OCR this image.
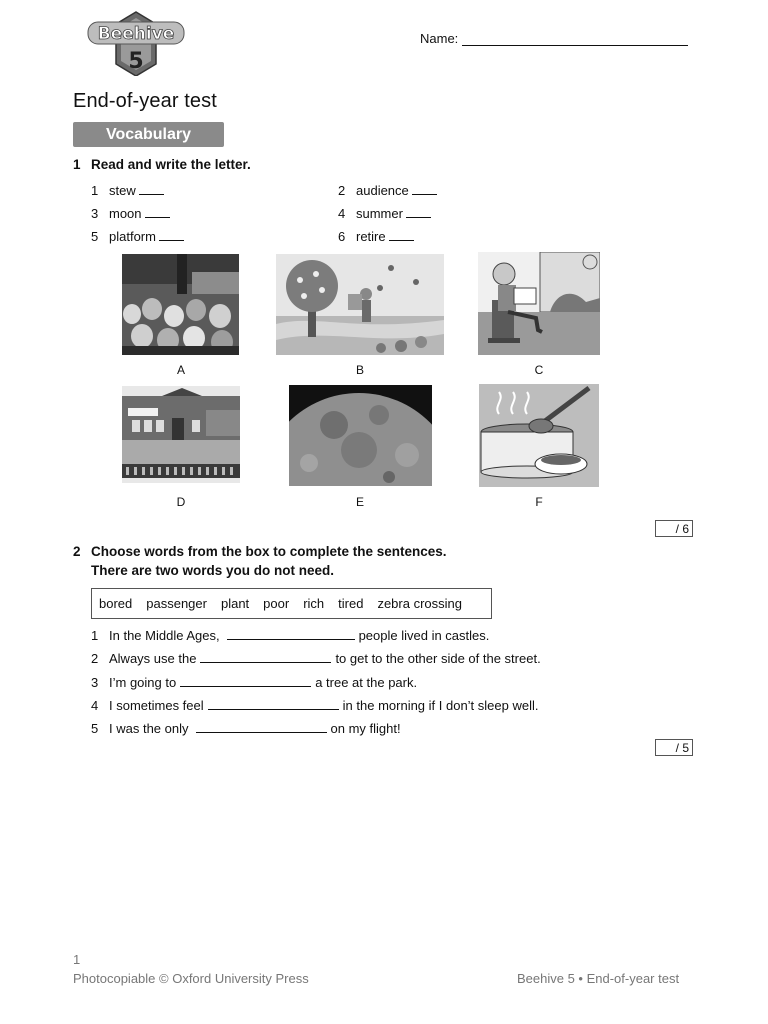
Beehive
5
Name:
End-of-year test
Vocabulary
1 Read and write the letter.
1 stew	2 audience
3 moon	4 summer
5 platform	6 retire
A	B	C
D	E	F
/ 6
2 Choose words from the box to complete the sentences.
There are two words you do not need.
bored passenger plant poor rich tired zebra crossing
1 In the Middle Ages,	people lived in castles.
2 Always use the	to get to the other side of the street.
3 I’m going to	a tree at the park.
4 I sometimes feel	in the morning if I don’t sleep well.
5 I was the only	on my flight!
/ 5
1
Photocopiable © Oxford University Press	Beehive 5 • End-of-year test
